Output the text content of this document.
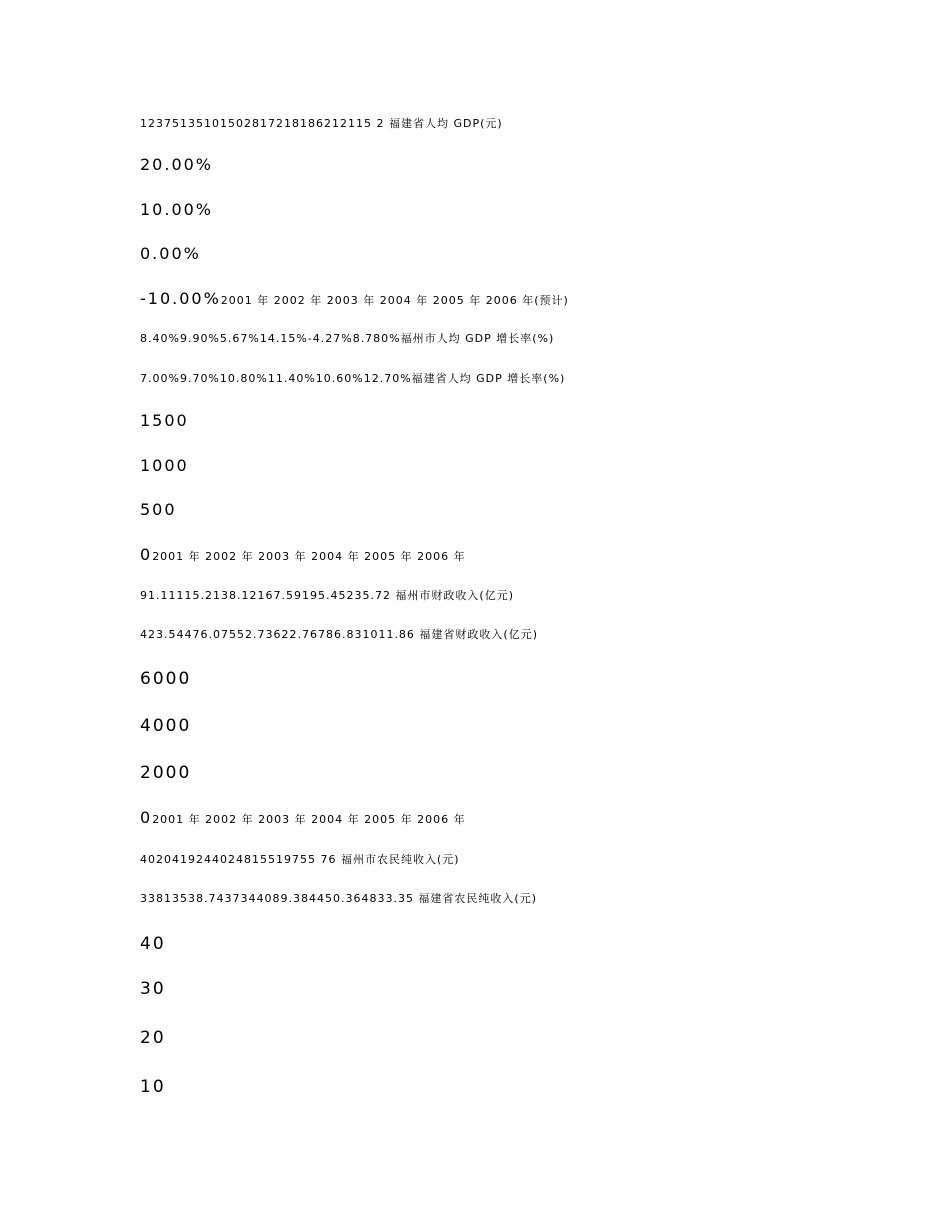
12375135101502817218186212115 2 福建省人均 GDP(元)
20.00%
10.00%
0.00%
-10.00%2001 年 2002 年 2003 年 2004 年 2005 年 2006 年(预计)
8.40%9.90%5.67%14.15%-4.27%8.780%福州市人均 GDP 增长率(%)
7.00%9.70%10.80%11.40%10.60%12.70%福建省人均 GDP 增长率(%)
1500
1000
500
02001 年 2002 年 2003 年 2004 年 2005 年 2006 年
91.11115.2138.12167.59195.45235.72 福州市财政收入(亿元)
423.54476.07552.73622.76786.831011.86 福建省财政收入(亿元)
6000
4000
2000
02001 年 2002 年 2003 年 2004 年 2005 年 2006 年
4020419244024815519755 76 福州市农民纯收入(元)
33813538.7437344089.384450.364833.35 福建省农民纯收入(元)
40
30
20
10
